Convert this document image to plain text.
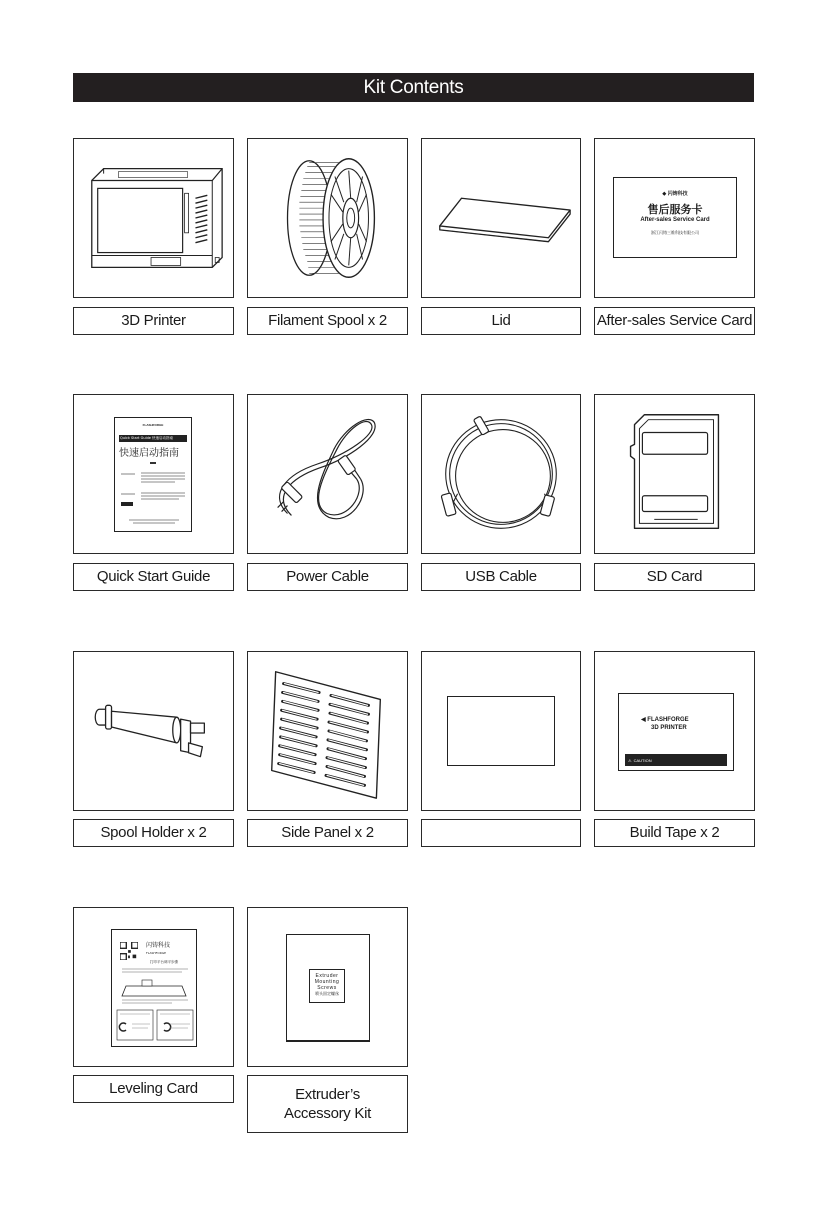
Kit Contents
3D Printer	Filament Spool x 2	Lid
◆ 闪铸科技
售后服务卡
After-sales Service Card
浙江闪铸三维科技有限公司
After-sales Service Card
FLASHFORGE
Quick Start Guide 快速启动指南
快速启动指南
Quick Start Guide	Power Cable	USB Cable	SD Card
Spool Holder x 2	Side Panel x 2
◀ FLASHFORGE
3D PRINTER
⚠ CAUTION
Build Tape x 2
闪铸科技
FLASHFORGE
打印平台调平步骤
Leveling Card
Extruder
Mounting
Screws
喷头固定螺丝
Extruder’s
Accessory Kit
